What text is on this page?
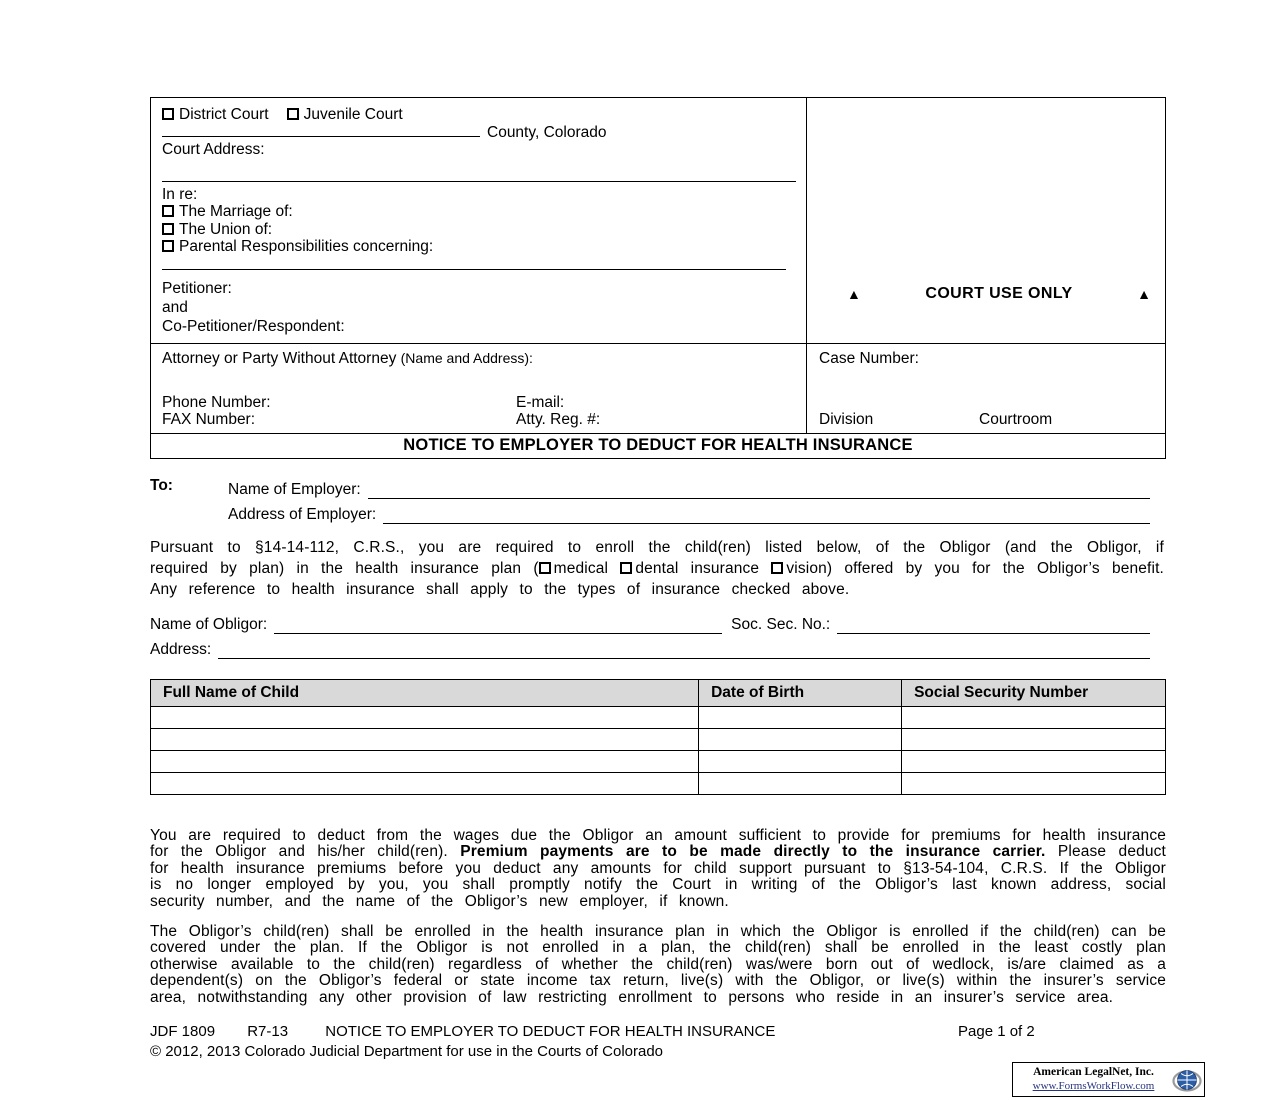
District Court Juvenile Court
County, Colorado
Court Address:
In re:
The Marriage of:
The Union of:
Parental Responsibilities concerning:
Petitioner:
and
Co-Petitioner/Respondent:
▲	COURT USE ONLY	▲
Attorney or Party Without Attorney (Name and Address):
Phone Number:	E-mail:
FAX Number:	Atty. Reg. #:
Case Number:
Division	Courtroom
NOTICE TO EMPLOYER TO DEDUCT FOR HEALTH INSURANCE
To:	Name of Employer:
Address of Employer:

Pursuant to §14-14-112, C.R.S., you are required to enroll the child(ren) listed below, of the Obligor (and the Obligor, if required by plan) in the health insurance plan ( medical dental insurance vision) offered by you for the Obligor’s benefit. Any reference to health insurance shall apply to the types of insurance checked above.

Name of Obligor:	Soc. Sec. No.:
Address:
Full Name of Child	Date of Birth	Social Security Number

You are required to deduct from the wages due the Obligor an amount sufficient to provide for premiums for health insurance for the Obligor and his/her child(ren). Premium payments are to be made directly to the insurance carrier. Please deduct for health insurance premiums before you deduct any amounts for child support pursuant to §13-54-104, C.R.S. If the Obligor is no longer employed by you, you shall promptly notify the Court in writing of the Obligor’s last known address, social security number, and the name of the Obligor’s new employer, if known.

The Obligor’s child(ren) shall be enrolled in the health insurance plan in which the Obligor is enrolled if the child(ren) can be covered under the plan. If the Obligor is not enrolled in a plan, the child(ren) shall be enrolled in the least costly plan otherwise available to the child(ren) regardless of whether the child(ren) was/were born out of wedlock, is/are claimed as a dependent(s) on the Obligor’s federal or state income tax return, live(s) with the Obligor, or live(s) within the insurer’s service area, notwithstanding any other provision of law restricting enrollment to persons who reside in an insurer’s service area.

JDF 1809 R7-13 NOTICE TO EMPLOYER TO DEDUCT FOR HEALTH INSURANCE	Page 1 of 2
© 2012, 2013 Colorado Judicial Department for use in the Courts of Colorado
American LegalNet, Inc.
www.FormsWorkFlow.com
